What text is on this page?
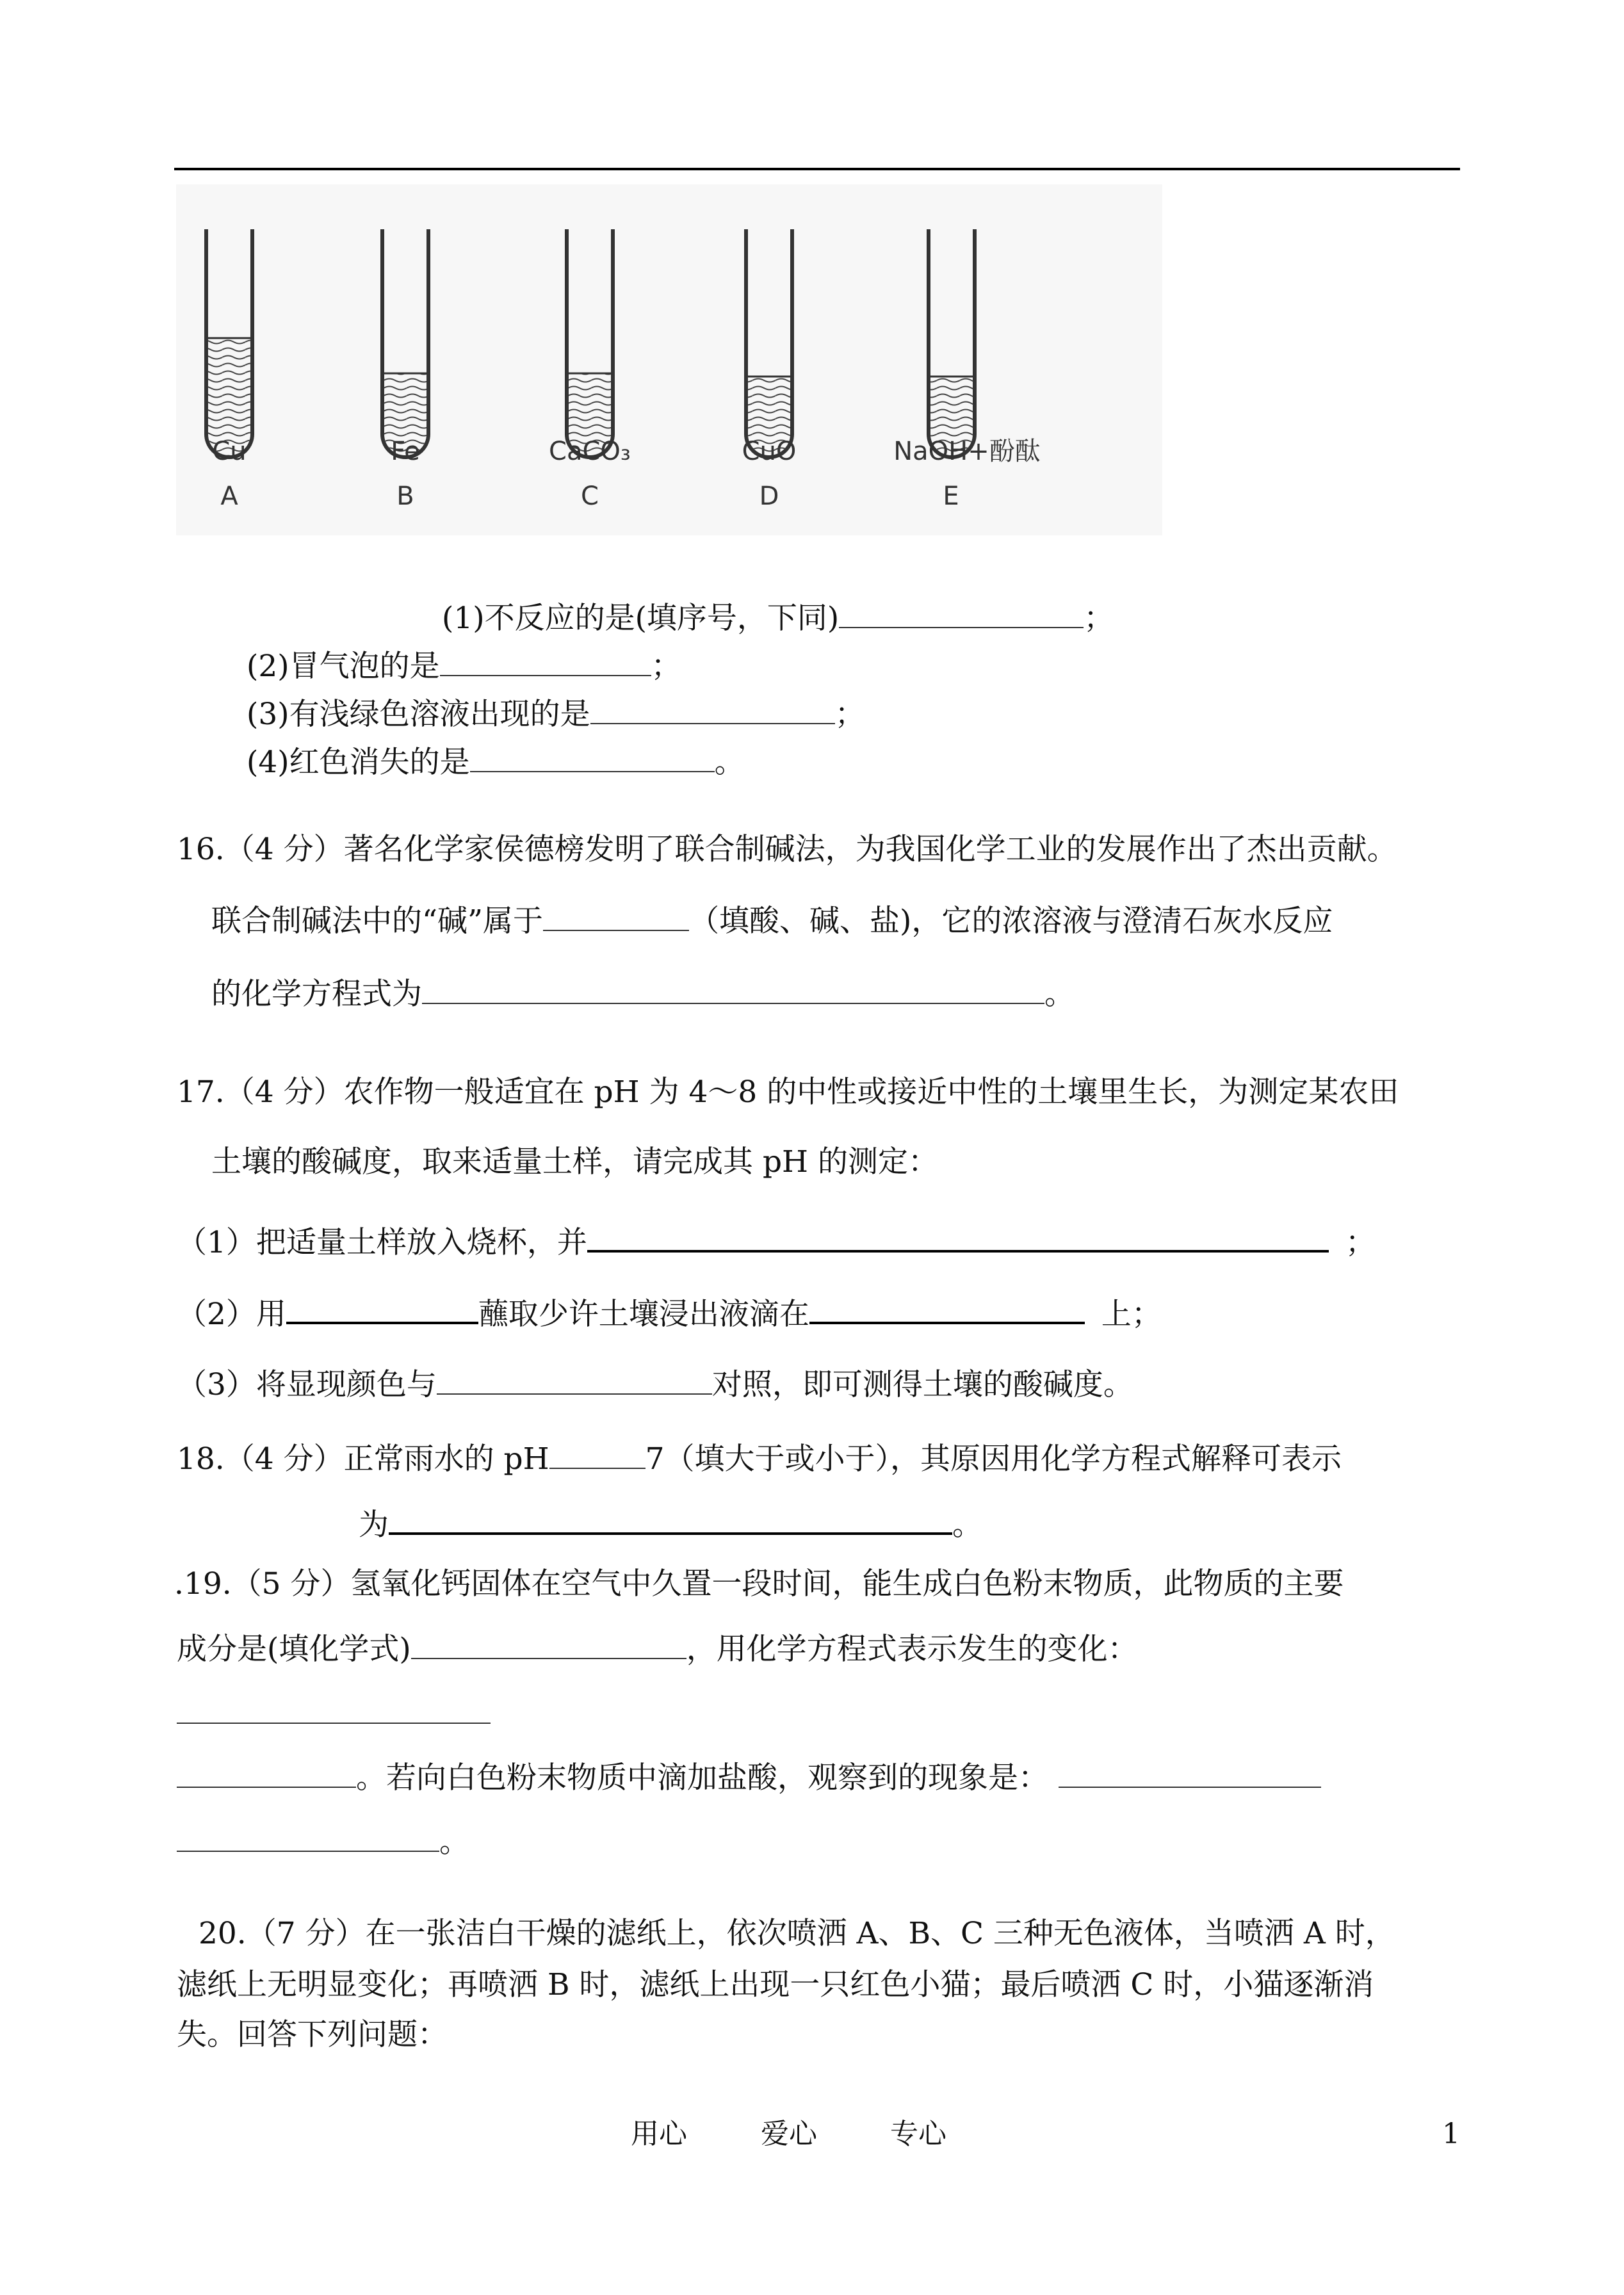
Cu
A
Fe
B
CaCO₃
C
CuO
D
NaOH+酚酞
E
(1)不反应的是(填序号，下同)	；
(2)冒气泡的是	；
(3)有浅绿色溶液出现的是	；
(4)红色消失的是	。
16.（4 分）著名化学家侯德榜发明了联合制碱法，为我国化学工业的发展作出了杰出贡献。
联合制碱法中的“碱”属于	（填酸、碱、盐)，它的浓溶液与澄清石灰水反应
的化学方程式为	。
17.（4 分）农作物一般适宜在 pH 为 4～8 的中性或接近中性的土壤里生长，为测定某农田
土壤的酸碱度，取来适量土样，请完成其 pH 的测定：
（1）把适量土样放入烧杯，并	；
（2）用	蘸取少许土壤浸出液滴在	上；
（3）将显现颜色与	对照，即可测得土壤的酸碱度。
18.（4 分）正常雨水的 pH	7（填大于或小于），其原因用化学方程式解释可表示
为	。
.19.（5 分）氢氧化钙固体在空气中久置一段时间，能生成白色粉末物质，此物质的主要
成分是(填化学式)	，用化学方程式表示发生的变化：
。若向白色粉末物质中滴加盐酸，观察到的现象是：
。
20.（7 分）在一张洁白干燥的滤纸上，依次喷洒 A、B、C 三种无色液体，当喷洒 A 时，
滤纸上无明显变化；再喷洒 B 时，滤纸上出现一只红色小猫；最后喷洒 C 时，小猫逐渐消
失。回答下列问题：
用心	爱心	专心	1
